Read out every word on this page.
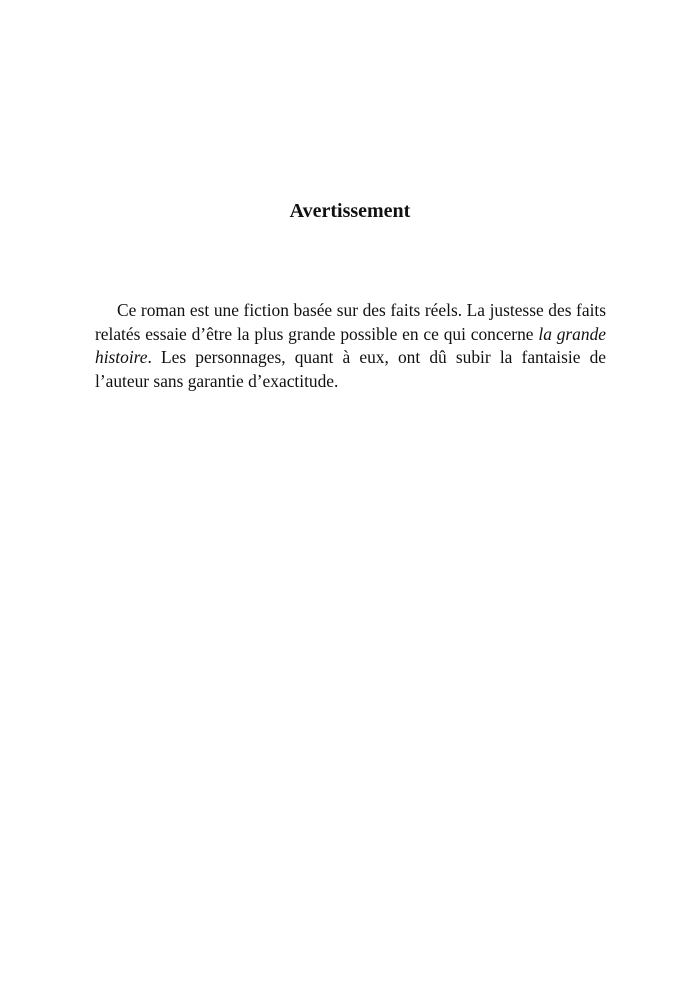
Avertissement

Ce roman est une fiction basée sur des faits réels. La justesse des faits relatés essaie d’être la plus grande possible en ce qui concerne la grande histoire. Les personnages, quant à eux, ont dû subir la fantaisie de l’auteur sans garantie d’exactitude.
